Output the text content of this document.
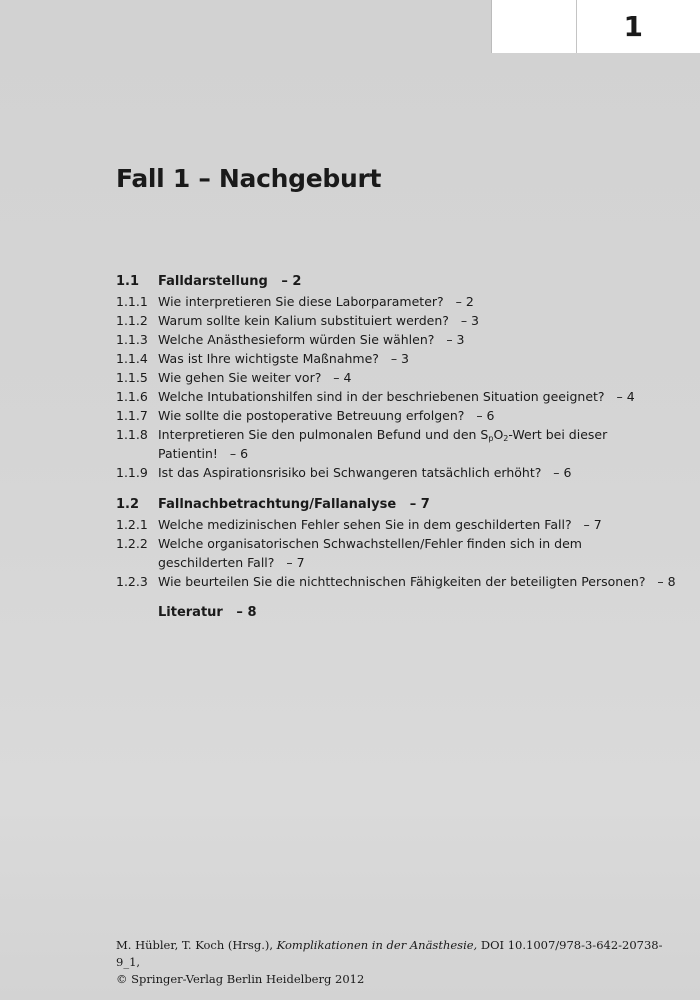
1
Fall 1 – Nachgeburt
1.1	Falldarstellung – 2
1.1.1 Wie interpretieren Sie diese Laborparameter? – 2
1.1.2 Warum sollte kein Kalium substituiert werden? – 3
1.1.3 Welche Anästhesieform würden Sie wählen? – 3
1.1.4 Was ist Ihre wichtigste Maßnahme? – 3
1.1.5 Wie gehen Sie weiter vor? – 4
1.1.6 Welche Intubationshilfen sind in der beschriebenen Situation geeignet? – 4
1.1.7 Wie sollte die postoperative Betreuung erfolgen? – 6
1.1.8 Interpretieren Sie den pulmonalen Befund und den $S_pO_2$-Wert bei dieser
Patientin! – 6
1.1.9 Ist das Aspirationsrisiko bei Schwangeren tatsächlich erhöht? – 6
1.2	Fallnachbetrachtung/Fallanalyse – 7
1.2.1 Welche medizinischen Fehler sehen Sie in dem geschilderten Fall? – 7
1.2.2 Welche organisatorischen Schwachstellen/Fehler finden sich in dem
geschilderten Fall? – 7
1.2.3 Wie beurteilen Sie die nichttechnischen Fähigkeiten der beteiligten Personen? – 8
Literatur – 8
M. Hübler, T. Koch (Hrsg.), Komplikationen in der Anästhesie, DOI 10.1007/978-3-642-20738-9_1,
© Springer-Verlag Berlin Heidelberg 2012
